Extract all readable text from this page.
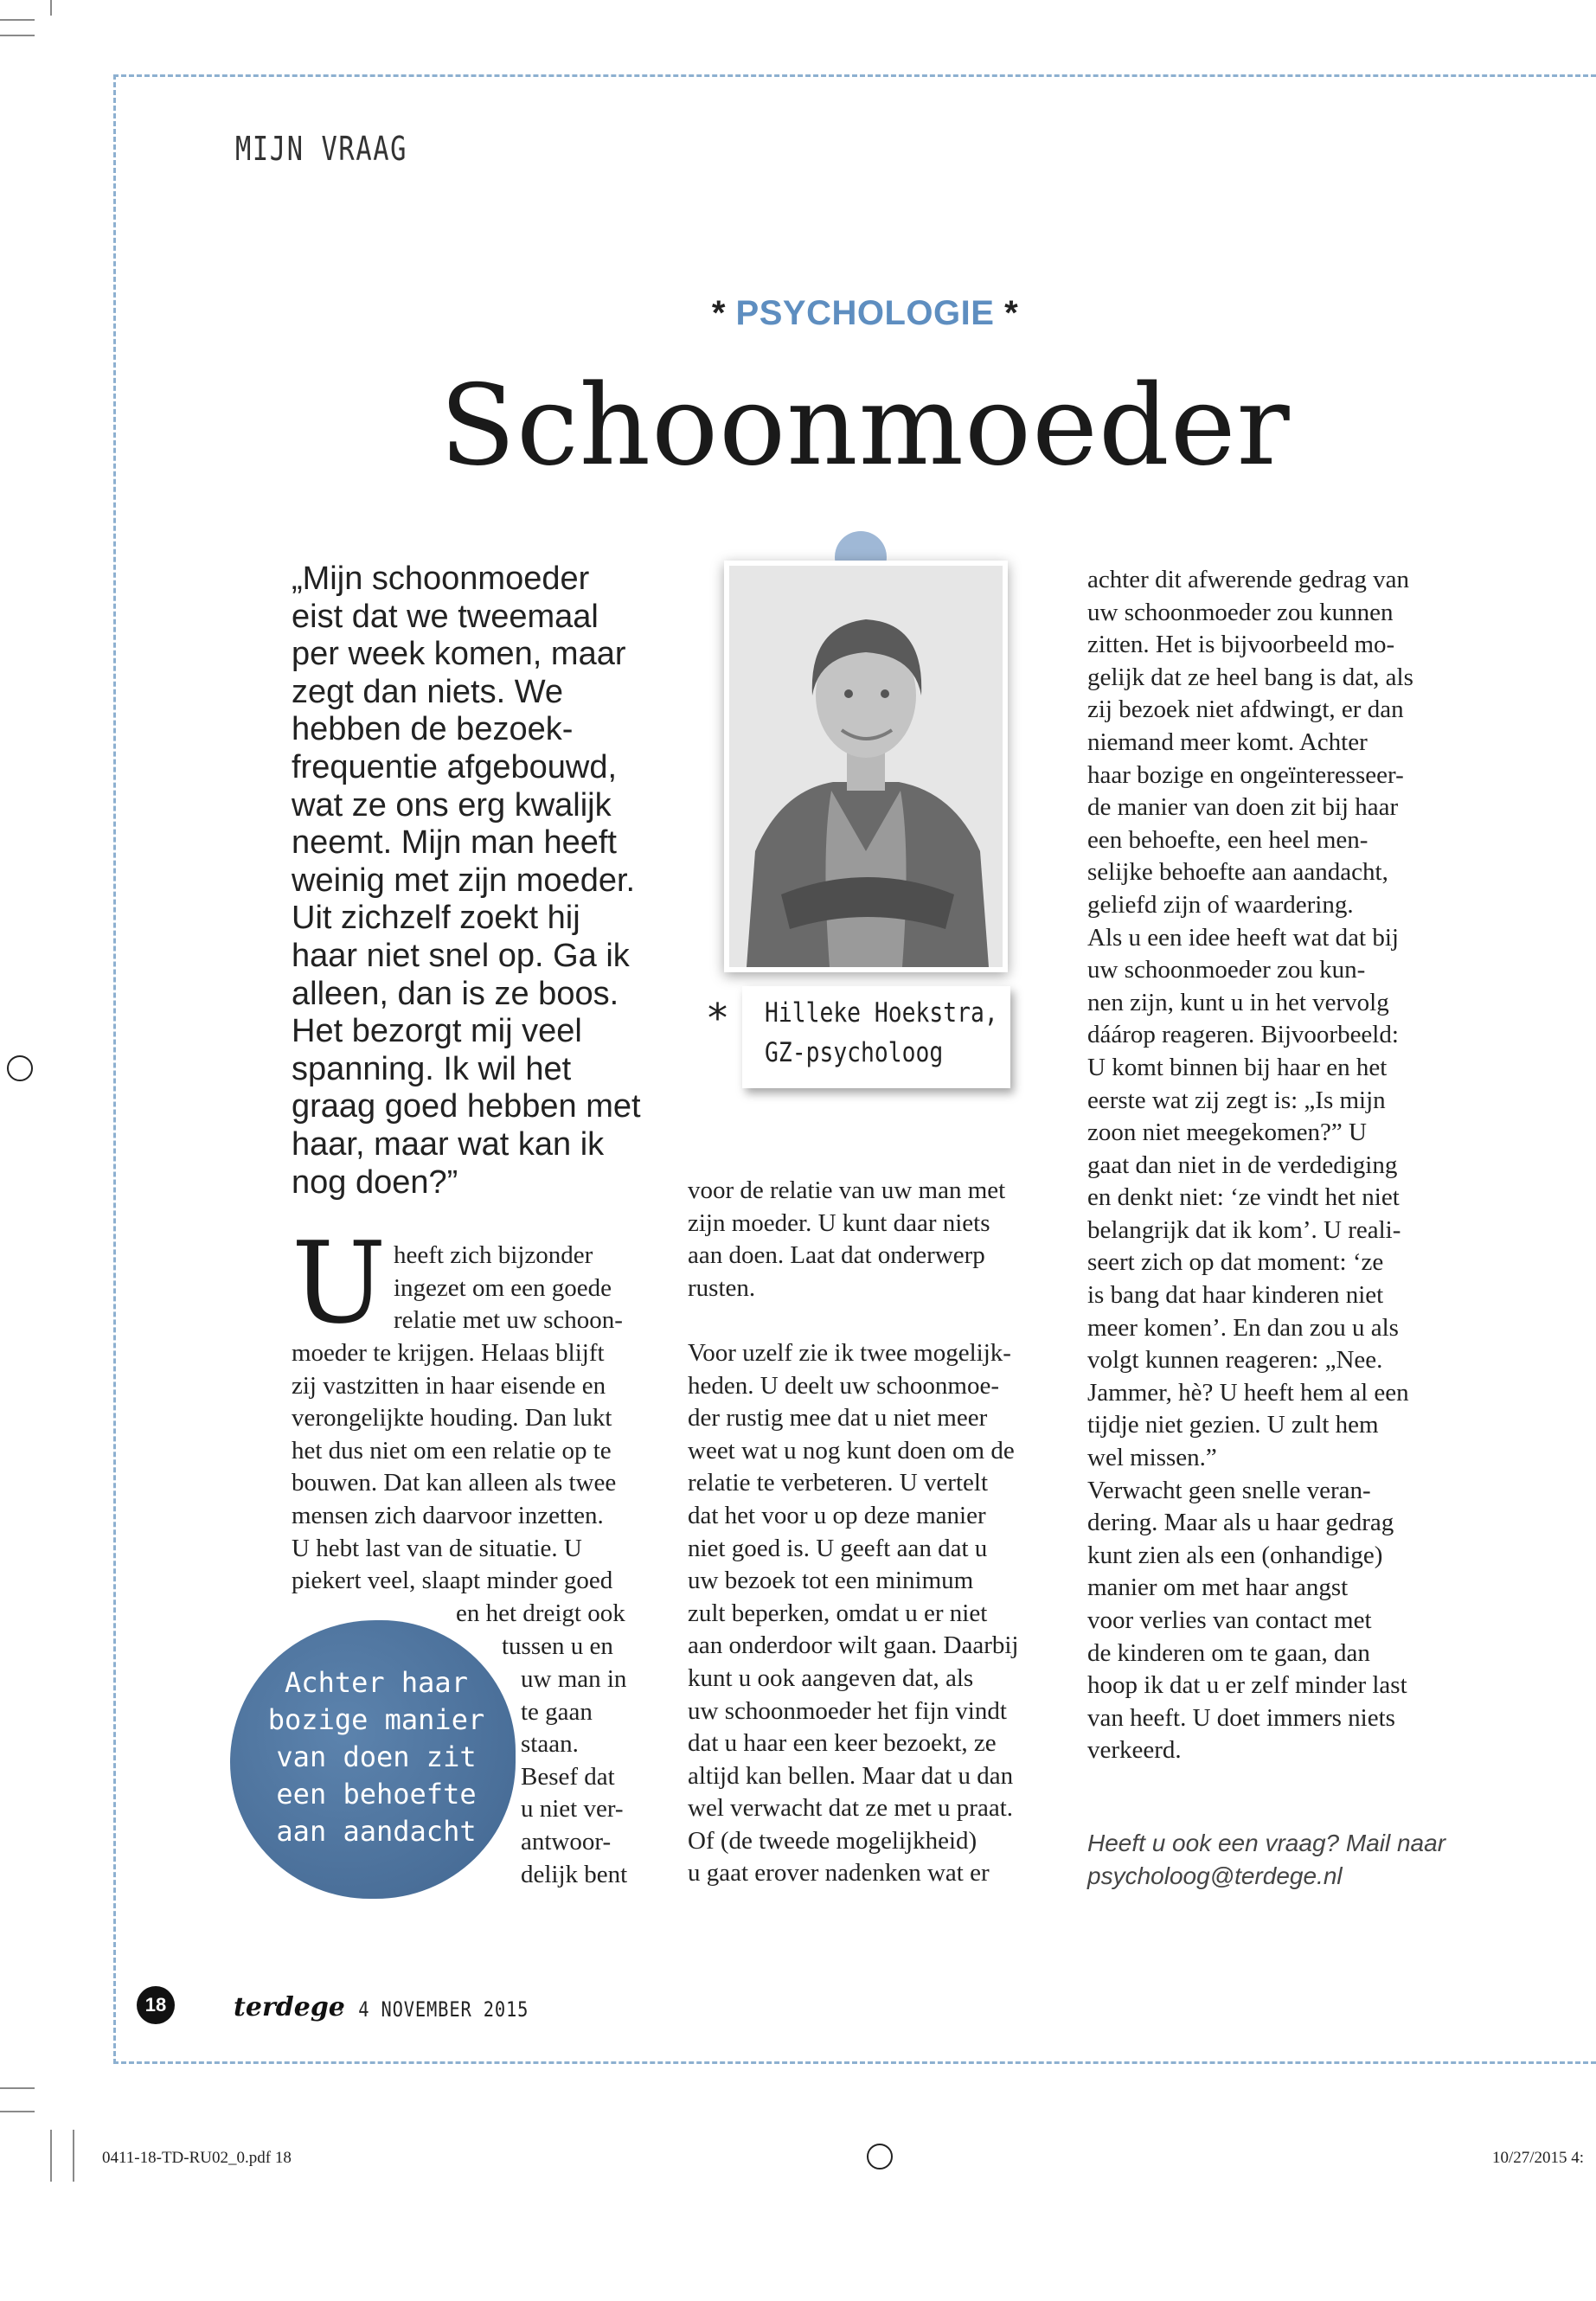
MIJN VRAAG
* PSYCHOLOGIE *
Schoonmoeder
„Mijn schoonmoeder
eist dat we tweemaal
per week komen, maar
zegt dan niets. We
hebben de bezoek-
frequentie afgebouwd,
wat ze ons erg kwalijk
neemt. Mijn man heeft
weinig met zijn moeder.
Uit zichzelf zoekt hij
haar niet snel op. Ga ik
alleen, dan is ze boos.
Het bezorgt mij veel
spanning. Ik wil het
graag goed hebben met
haar, maar wat kan ik
nog doen?”
* Hilleke Hoekstra,
GZ-psycholoog
U heeft zich bijzonder
ingezet om een goede
relatie met uw schoon-
moeder te krijgen. Helaas blijft
zij vastzitten in haar eisende en
verongelijkte houding. Dan lukt
het dus niet om een relatie op te
bouwen. Dat kan alleen als twee
mensen zich daarvoor inzetten.
U hebt last van de situatie. U
piekert veel, slaapt minder goed
en het dreigt ook
tussen u en
uw man in
te gaan
staan.
Besef dat
u niet ver-
antwoor-
delijk bent
voor de relatie van uw man met
zijn moeder. U kunt daar niets
aan doen. Laat dat onderwerp
rusten.

Voor uzelf zie ik twee mogelijk-
heden. U deelt uw schoonmoe-
der rustig mee dat u niet meer
weet wat u nog kunt doen om de
relatie te verbeteren. U vertelt
dat het voor u op deze manier
niet goed is. U geeft aan dat u
uw bezoek tot een minimum
zult beperken, omdat u er niet
aan onderdoor wilt gaan. Daarbij
kunt u ook aangeven dat, als
uw schoonmoeder het fijn vindt
dat u haar een keer bezoekt, ze
altijd kan bellen. Maar dat u dan
wel verwacht dat ze met u praat.
Of (de tweede mogelijkheid)
u gaat erover nadenken wat er
achter dit afwerende gedrag van
uw schoonmoeder zou kunnen
zitten. Het is bijvoorbeeld mo-
gelijk dat ze heel bang is dat, als
zij bezoek niet afdwingt, er dan
niemand meer komt. Achter
haar bozige en ongeïnteresseer-
de manier van doen zit bij haar
een behoefte, een heel men-
selijke behoefte aan aandacht,
geliefd zijn of waardering.
Als u een idee heeft wat dat bij
uw schoonmoeder zou kun-
nen zijn, kunt u in het vervolg
dáárop reageren. Bijvoorbeeld:
U komt binnen bij haar en het
eerste wat zij zegt is: „Is mijn
zoon niet meegekomen?” U
gaat dan niet in de verdediging
en denkt niet: ‘ze vindt het niet
belangrijk dat ik kom’. U reali-
seert zich op dat moment: ‘ze
is bang dat haar kinderen niet
meer komen’. En dan zou u als
volgt kunnen reageren: „Nee.
Jammer, hè? U heeft hem al een
tijdje niet gezien. U zult hem
wel missen.”
Verwacht geen snelle veran-
dering. Maar als u haar gedrag
kunt zien als een (onhandige)
manier om met haar angst
voor verlies van contact met
de kinderen om te gaan, dan
hoop ik dat u er zelf minder last
van heeft. U doet immers niets
verkeerd.
Achter haar
bozige manier
van doen zit
een behoefte
aan aandacht	Heeft u ook een vraag? Mail naar
psycholoog@terdege.nl
18	terdege
· 4 NOVEMBER 2015
0411-18-TD-RU02_0.pdf 18	10/27/2015 4:
